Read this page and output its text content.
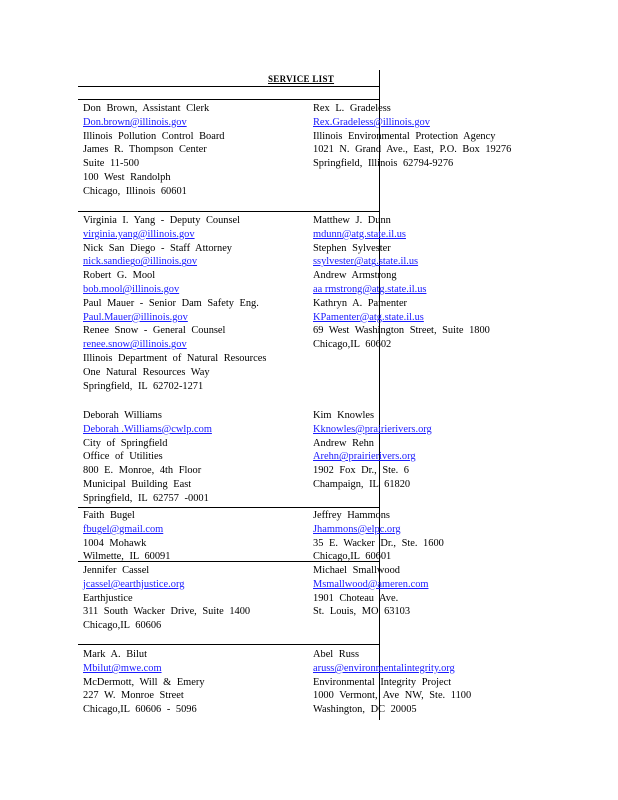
SERVICE LIST
Don Brown, Assistant Clerk
Don.brown@illinois.gov
Illinois Pollution Control Board
James R. Thompson Center
Suite 11-500
100 West Randolph
Chicago, Illinois 60601
Rex L. Gradeless
Rex.Gradeless@illinois.gov
Illinois Environmental Protection Agency
1021 N. Grand Ave., East, P.O. Box 19276
Springfield, Illinois 62794-9276
Virginia I. Yang - Deputy Counsel
virginia.yang@illinois.gov
Nick San Diego - Staff Attorney
nick.sandiego@illinois.gov
Robert G. Mool
bob.mool@illinois.gov
Paul Mauer - Senior Dam Safety Eng.
Paul.Mauer@illinois.gov
Renee Snow - General Counsel
renee.snow@illinois.gov
Illinois Department of Natural Resources
One Natural Resources Way
Springfield, IL 62702-1271
Matthew J. Dunn
mdunn@atg.state.il.us
Stephen Sylvester
ssylvester@atg.state.il.us
Andrew Armstrong
aa rmstrong@atg.state.il.us
Kathryn A. Pamenter
KPamenter@atg.state.il.us
69 West Washington Street, Suite 1800
Chicago,IL 60602
Deborah Williams
Deborah .Williams@cwlp.com
City of Springfield
Office of Utilities
800 E. Monroe, 4th Floor
Municipal Building East
Springfield, IL 62757 -0001
Kim Knowles
Kknowles@prairierivers.org
Andrew Rehn
Arehn@prairierivers.org
1902 Fox Dr., Ste. 6
Champaign, IL 61820
Faith Bugel
fbugel@gmail.com
1004 Mohawk
Wilmette, IL 60091
Jeffrey Hammons
Jhammons@elpc.org
35 E. Wacker Dr., Ste. 1600
Chicago,IL 60601
Jennifer Cassel
jcassel@earthjustice.org
Earthjustice
311 South Wacker Drive, Suite 1400
Chicago,IL 60606
Michael Smallwood
Msmallwood@ameren.com
1901 Choteau Ave.
St. Louis, MO 63103
Mark A. Bilut
Mbilut@mwe.com
McDermott, Will & Emery
227 W. Monroe Street
Chicago,IL 60606 - 5096
Abel Russ
aruss@environmentalintegrity.org
Environmental Integrity Project
1000 Vermont, Ave NW, Ste. 1100
Washington, DC 20005
